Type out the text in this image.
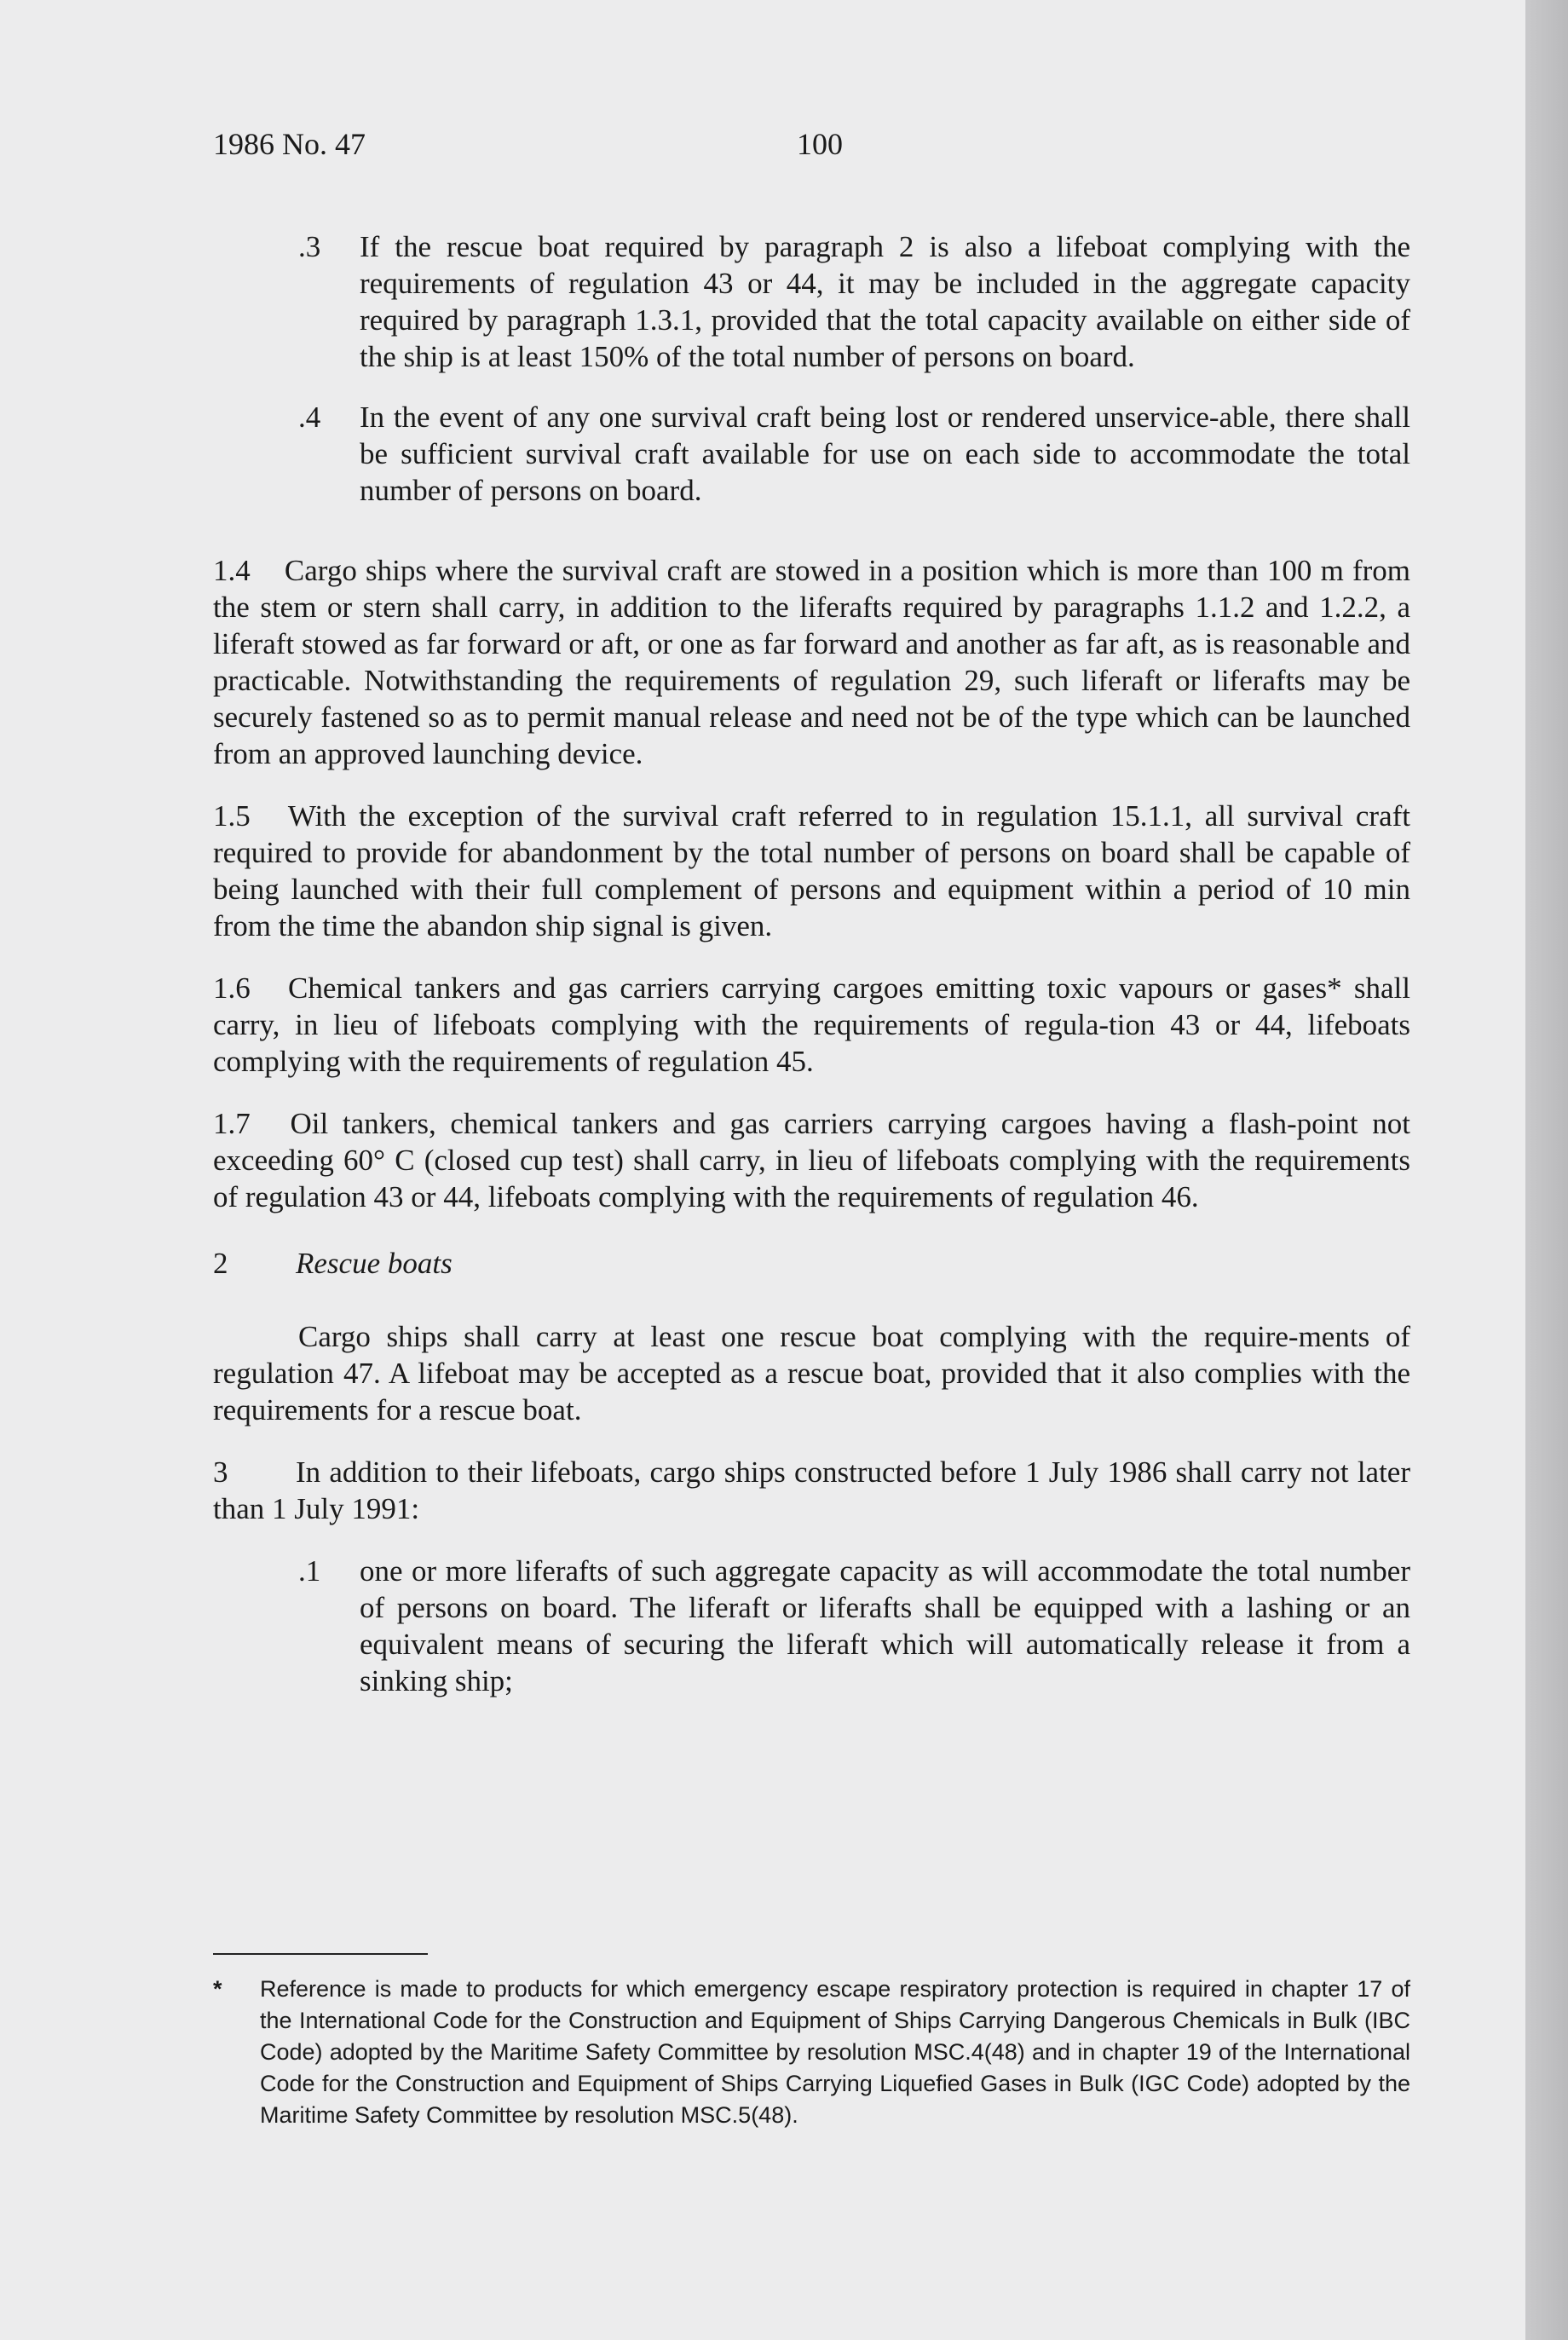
1986 No. 47	100
.3	If the rescue boat required by paragraph 2 is also a lifeboat complying with the requirements of regulation 43 or 44, it may be included in the aggregate capacity required by paragraph 1.3.1, provided that the total capacity available on either side of the ship is at least 150% of the total number of persons on board.
.4	In the event of any one survival craft being lost or rendered unservice-able, there shall be sufficient survival craft available for use on each side to accommodate the total number of persons on board.

1.4 Cargo ships where the survival craft are stowed in a position which is more than 100 m from the stem or stern shall carry, in addition to the liferafts required by paragraphs 1.1.2 and 1.2.2, a liferaft stowed as far forward or aft, or one as far forward and another as far aft, as is reasonable and practicable. Notwithstanding the requirements of regulation 29, such liferaft or liferafts may be securely fastened so as to permit manual release and need not be of the type which can be launched from an approved launching device.

1.5 With the exception of the survival craft referred to in regulation 15.1.1, all survival craft required to provide for abandonment by the total number of persons on board shall be capable of being launched with their full complement of persons and equipment within a period of 10 min from the time the abandon ship signal is given.

1.6 Chemical tankers and gas carriers carrying cargoes emitting toxic vapours or gases* shall carry, in lieu of lifeboats complying with the requirements of regula-tion 43 or 44, lifeboats complying with the requirements of regulation 45.

1.7 Oil tankers, chemical tankers and gas carriers carrying cargoes having a flash-point not exceeding 60° C (closed cup test) shall carry, in lieu of lifeboats complying with the requirements of regulation 43 or 44, lifeboats complying with the requirements of regulation 46.

2	Rescue boats

Cargo ships shall carry at least one rescue boat complying with the require-ments of regulation 47. A lifeboat may be accepted as a rescue boat, provided that it also complies with the requirements for a rescue boat.

3 In addition to their lifeboats, cargo ships constructed before 1 July 1986 shall carry not later than 1 July 1991:

.1	one or more liferafts of such aggregate capacity as will accommodate the total number of persons on board. The liferaft or liferafts shall be equipped with a lashing or an equivalent means of securing the liferaft which will automatically release it from a sinking ship;
*	Reference is made to products for which emergency escape respiratory protection is required in chapter 17 of the International Code for the Construction and Equipment of Ships Carrying Dangerous Chemicals in Bulk (IBC Code) adopted by the Maritime Safety Committee by resolution MSC.4(48) and in chapter 19 of the International Code for the Construction and Equipment of Ships Carrying Liquefied Gases in Bulk (IGC Code) adopted by the Maritime Safety Committee by resolution MSC.5(48).
